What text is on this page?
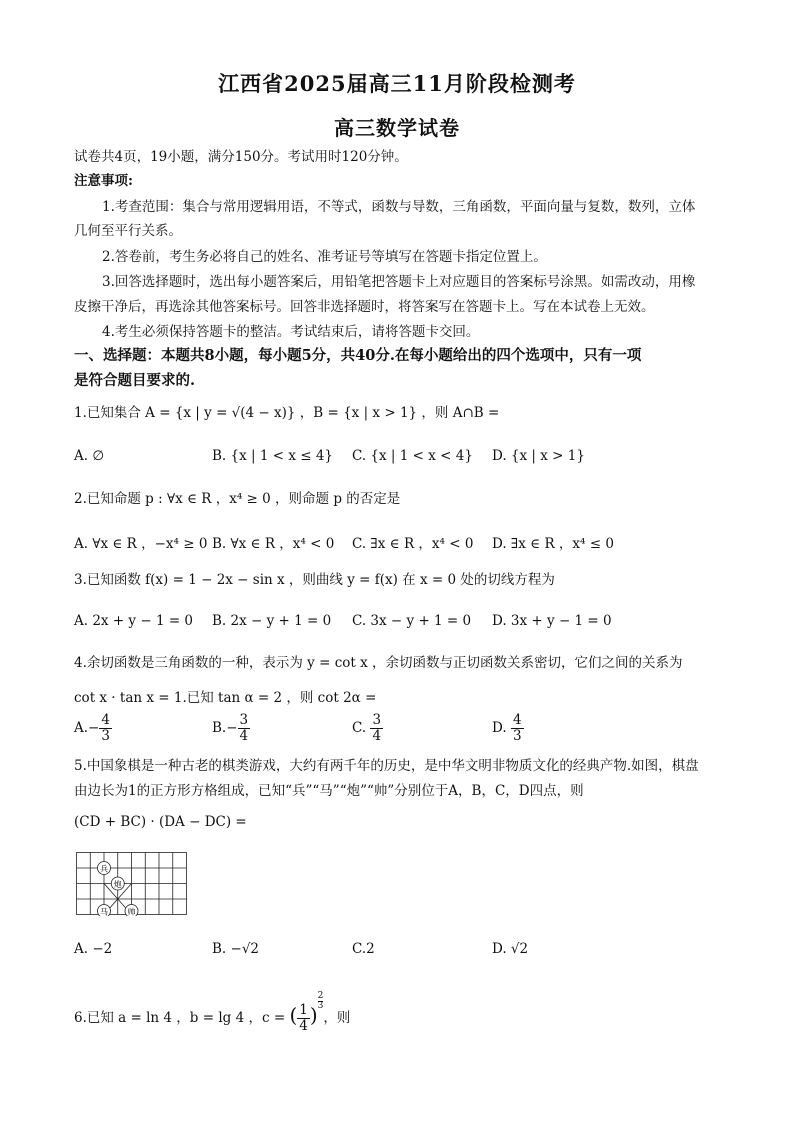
江西省2025届高三11月阶段检测考
高三数学试卷
试卷共4页，19小题，满分150分。考试用时120分钟。
注意事项:
1.考查范围：集合与常用逻辑用语，不等式，函数与导数，三角函数，平面向量与复数，数列，立体
几何至平行关系。
2.答卷前，考生务必将自己的姓名、准考证号等填写在答题卡指定位置上。
3.回答选择题时，选出每小题答案后，用铅笔把答题卡上对应题目的答案标号涂黑。如需改动，用橡
皮擦干净后，再选涂其他答案标号。回答非选择题时，将答案写在答题卡上。写在本试卷上无效。
4.考生必须保持答题卡的整洁。考试结束后，请将答题卡交回。
一、选择题：本题共8小题，每小题5分，共40分.在每小题给出的四个选项中，只有一项
是符合题目要求的.
1.已知集合 A = {x | y = √(4 − x)} ，B = {x | x > 1} ，则 A∩B =
A. ∅	B. {x | 1 < x ≤ 4} C. {x | 1 < x < 4} D. {x | x > 1}
2.已知命题 p : ∀x ∈ R ，x⁴ ≥ 0 ，则命题 p 的否定是
A. ∀x ∈ R ，−x⁴ ≥ 0 B. ∀x ∈ R ，x⁴ < 0 C. ∃x ∈ R ，x⁴ < 0 D. ∃x ∈ R ，x⁴ ≤ 0
3.已知函数 f(x) = 1 − 2x − sin x ，则曲线 y = f(x) 在 x = 0 处的切线方程为
A. 2x + y − 1 = 0 B. 2x − y + 1 = 0 C. 3x − y + 1 = 0 D. 3x + y − 1 = 0
4.余切函数是三角函数的一种，表示为 y = cot x ，余切函数与正切函数关系密切，它们之间的关系为
cot x · tan x = 1.已知 tan α = 2 ，则 cot 2α =
$A.- \frac{4}{3}$	$B.- \frac{3}{4}$	C. $\frac{3}{4}$	D. $\frac{4}{3}$
5.中国象棋是一种古老的棋类游戏，大约有两千年的历史，是中华文明非物质文化的经典产物.如图，棋盘
由边长为1的正方形方格组成，已知“兵”“马”“炮”“帅”分别位于A，B，C，D四点，则
(CD + BC) · (DA − DC) =
兵
炮
马 帅
A. −2	B. −√2	C.2	D. √2
6.已知 a = ln 4 ，b = lg 4 ，c = ( $\frac{1}{4}$ )
$^{\frac{2}{3}}$
，则
